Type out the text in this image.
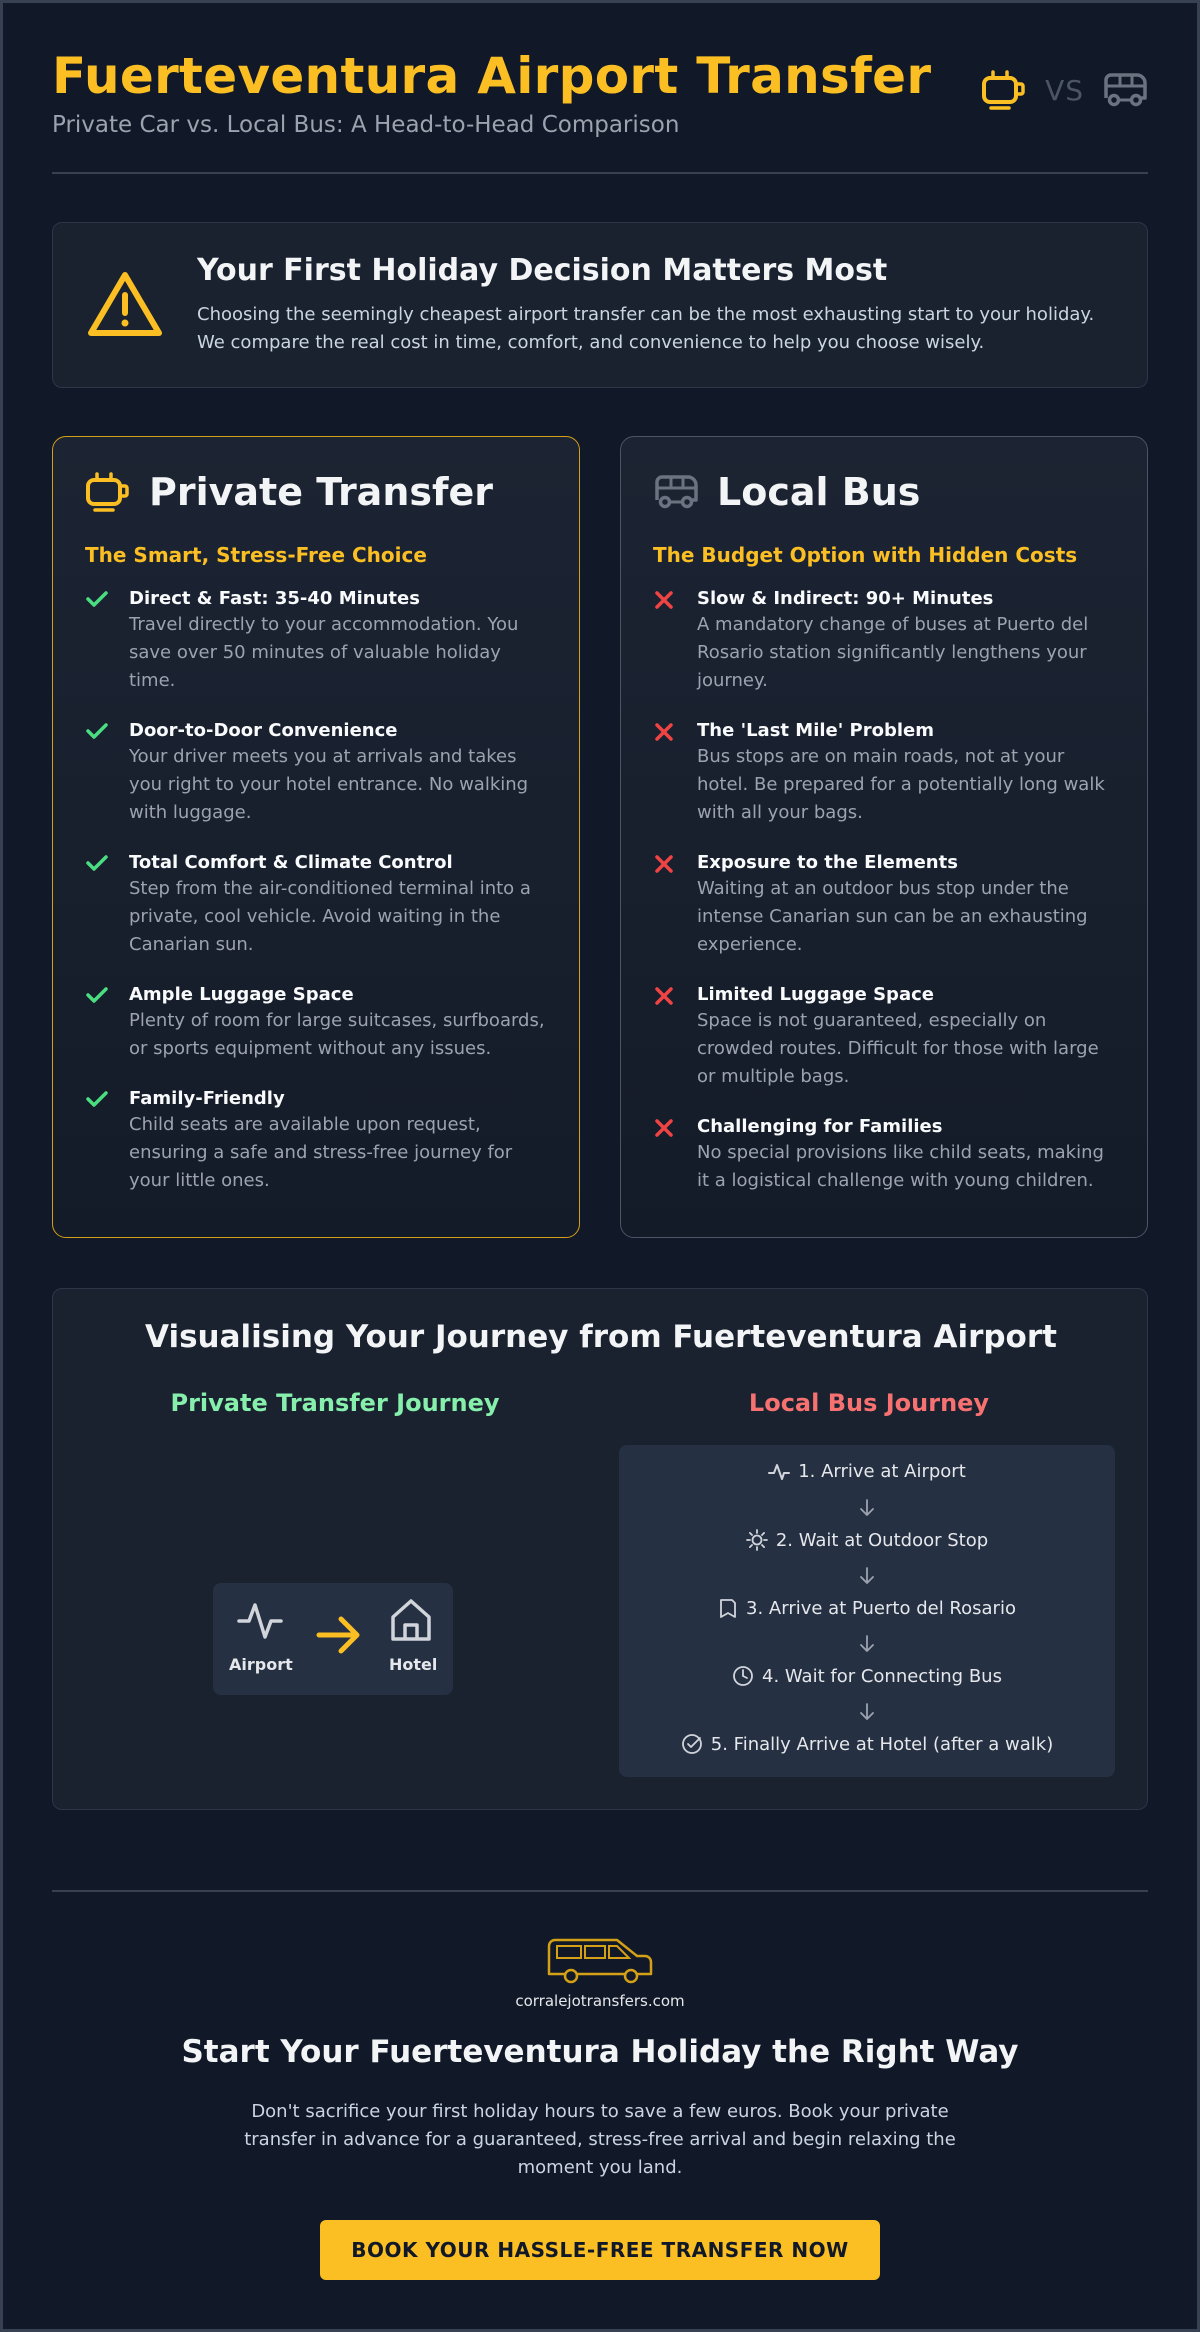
Fuerteventura Airport Transfer
Private Car vs. Local Bus: A Head-to-Head Comparison
VS
Your First Holiday Decision Matters Most

Choosing the seemingly cheapest airport transfer can be the most exhausting start to your holiday. We compare the real cost in time, comfort, and convenience to help you choose wisely.

Private Transfer
The Smart, Stress-Free Choice
Direct & Fast: 35-40 Minutes

Travel directly to your accommodation. You save over 50 minutes of valuable holiday time.

Door-to-Door Convenience

Your driver meets you at arrivals and takes you right to your hotel entrance. No walking with luggage.

Total Comfort & Climate Control

Step from the air-conditioned terminal into a private, cool vehicle. Avoid waiting in the Canarian sun.

Ample Luggage Space

Plenty of room for large suitcases, surfboards, or sports equipment without any issues.

Family-Friendly

Child seats are available upon request, ensuring a safe and stress-free journey for your little ones.

Local Bus
The Budget Option with Hidden Costs
Slow & Indirect: 90+ Minutes

A mandatory change of buses at Puerto del Rosario station significantly lengthens your journey.

The 'Last Mile' Problem

Bus stops are on main roads, not at your hotel. Be prepared for a potentially long walk with all your bags.

Exposure to the Elements

Waiting at an outdoor bus stop under the intense Canarian sun can be an exhausting experience.

Limited Luggage Space

Space is not guaranteed, especially on crowded routes. Difficult for those with large or multiple bags.

Challenging for Families

No special provisions like child seats, making it a logistical challenge with young children.

Visualising Your Journey from Fuerteventura Airport
Private Transfer Journey	Local Bus Journey
Airport	Hotel
1. Arrive at Airport
2. Wait at Outdoor Stop
3. Arrive at Puerto del Rosario
4. Wait for Connecting Bus
5. Finally Arrive at Hotel (after a walk)
corralejotransfers.com
Start Your Fuerteventura Holiday the Right Way
Don't sacrifice your first holiday hours to save a few euros. Book your private transfer in advance for a guaranteed, stress-free arrival and begin relaxing the moment you land.
BOOK YOUR HASSLE-FREE TRANSFER NOW
